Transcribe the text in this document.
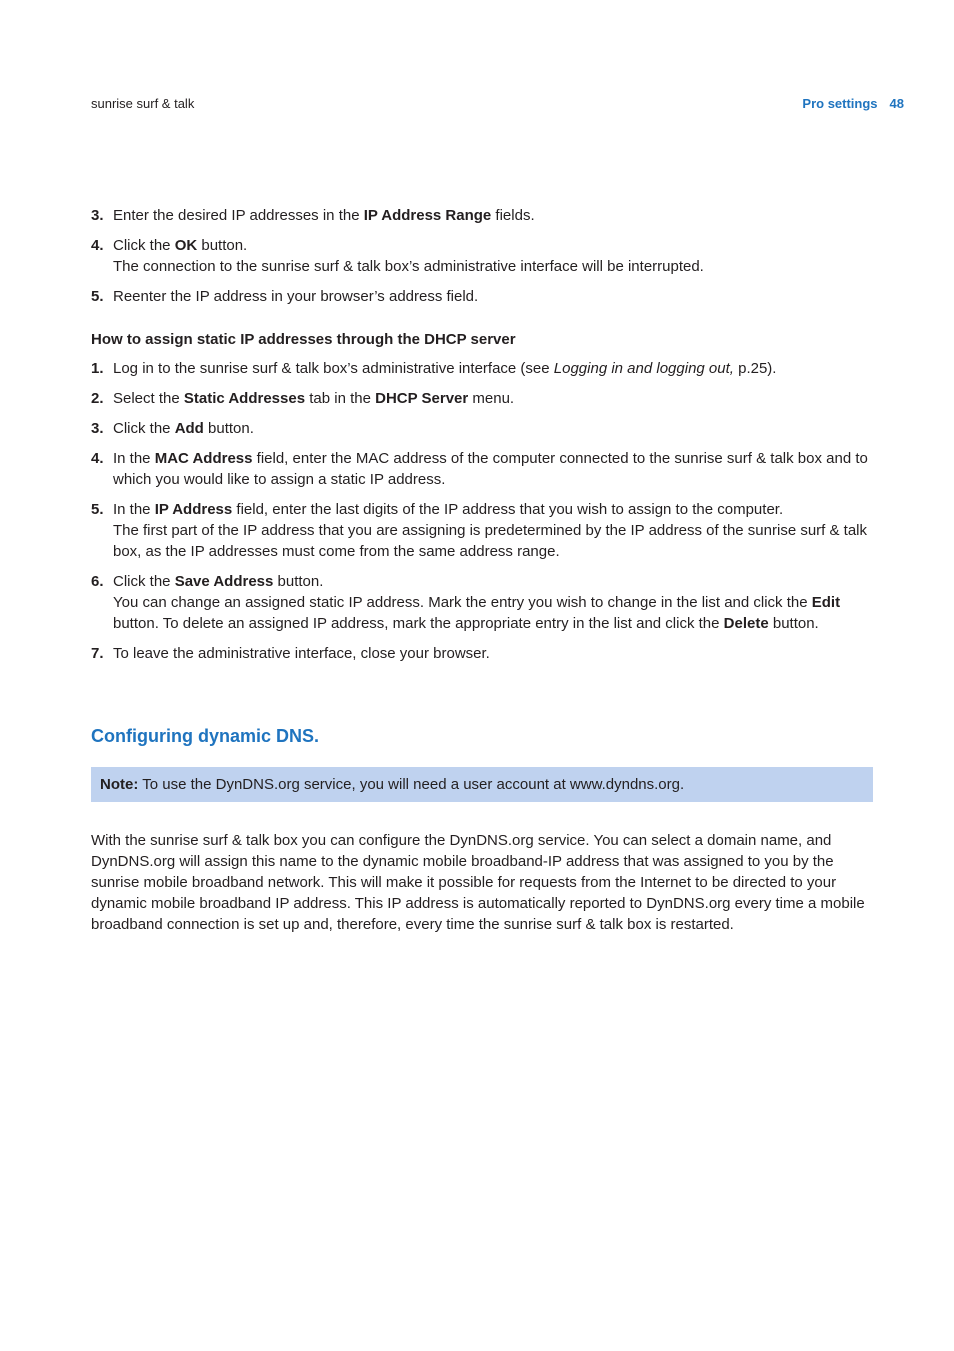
sunrise surf & talk	Pro settings 48
3. Enter the desired IP addresses in the IP Address Range fields.
4. Click the OK button.
The connection to the sunrise surf & talk box’s administrative interface will be interrupted.
5. Reenter the IP address in your browser’s address field.
How to assign static IP addresses through the DHCP server
1. Log in to the sunrise surf & talk box’s administrative interface (see Logging in and logging out, p.25).
2. Select the Static Addresses tab in the DHCP Server menu.
3. Click the Add button.
4. In the MAC Address field, enter the MAC address of the computer connected to the sunrise surf & talk box and to which you would like to assign a static IP address.
5. In the IP Address field, enter the last digits of the IP address that you wish to assign to the computer.
The first part of the IP address that you are assigning is predetermined by the IP address of the sunrise surf & talk box, as the IP addresses must come from the same address range.
6. Click the Save Address button.
You can change an assigned static IP address. Mark the entry you wish to change in the list and click the Edit button. To delete an assigned IP address, mark the appropriate entry in the list and click the Delete button.
7. To leave the administrative interface, close your browser.
Configuring dynamic DNS.
Note: To use the DynDNS.org service, you will need a user account at www.dyndns.org.
With the sunrise surf & talk box you can configure the DynDNS.org service. You can select a domain name, and DynDNS.org will assign this name to the dynamic mobile broadband-IP address that was assigned to you by the sunrise mobile broadband network. This will make it possible for requests from the Internet to be directed to your dynamic mobile broadband IP address. This IP address is automatically reported to DynDNS.org every time a mobile broadband connection is set up and, therefore, every time the sunrise surf & talk box is restarted.
